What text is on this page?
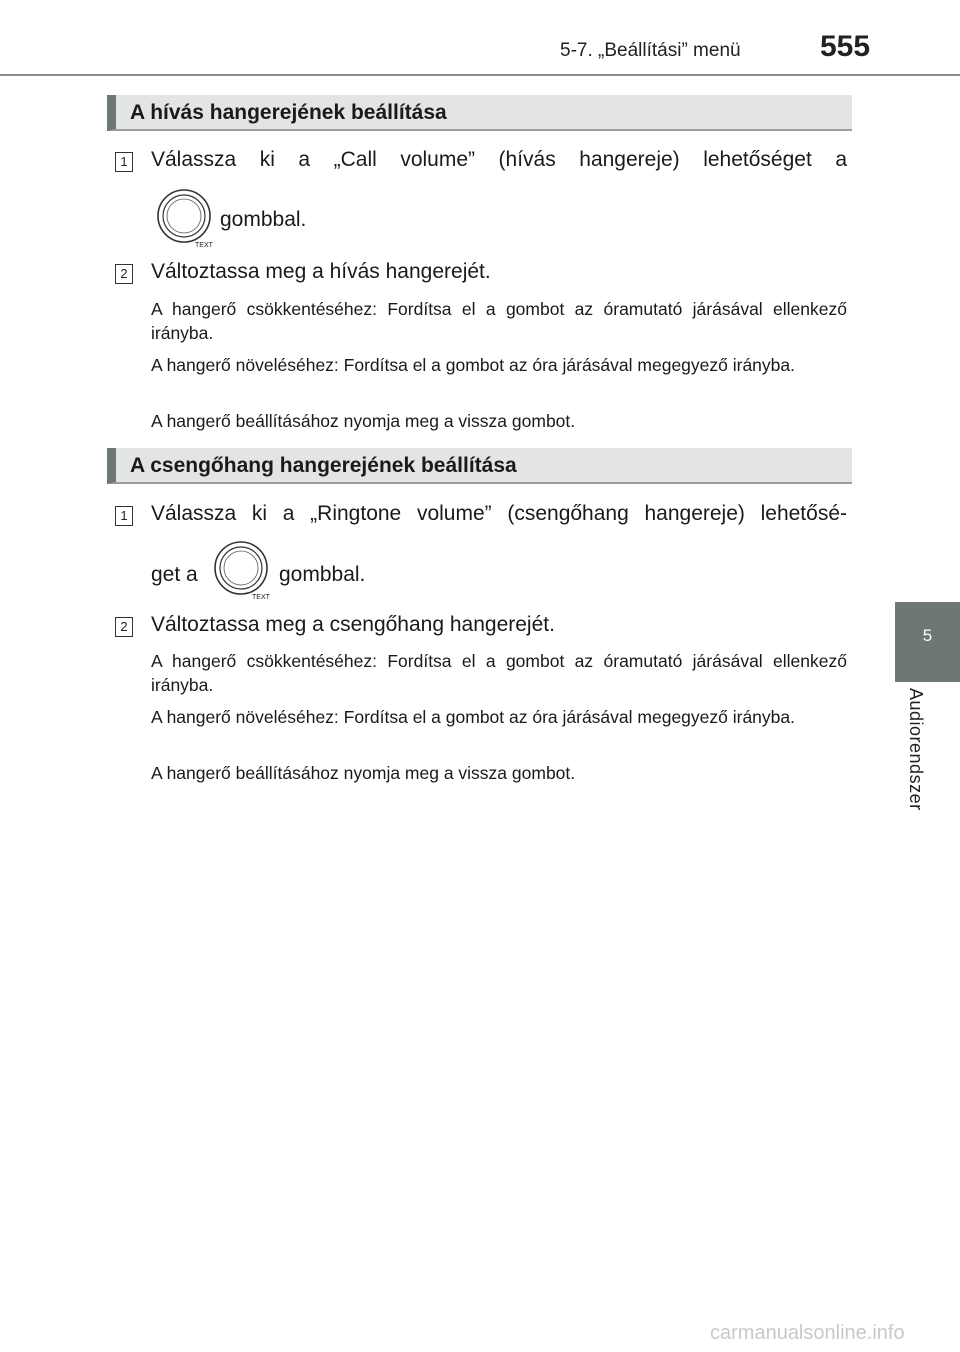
5-7. „Beállítási” menü	555
5
Audiorendszer
A hívás hangerejének beállítása
1 Válassza ki a „Call volume” (hívás hangereje) lehetőséget a
TEXT
gombbal.
2 Változtassa meg a hívás hangerejét.
A hangerő csökkentéséhez: Fordítsa el a gombot az óramutató járásával ellenkező irányba.
A hangerő növeléséhez: Fordítsa el a gombot az óra járásával megegyező irányba.
A hangerő beállításához nyomja meg a vissza gombot.
A csengőhang hangerejének beállítása
1 Válassza ki a „Ringtone volume” (csengőhang hangereje) lehetősé-
get a
TEXT
gombbal.
2 Változtassa meg a csengőhang hangerejét.
A hangerő csökkentéséhez: Fordítsa el a gombot az óramutató járásával ellenkező irányba.
A hangerő növeléséhez: Fordítsa el a gombot az óra járásával megegyező irányba.
A hangerő beállításához nyomja meg a vissza gombot.
carmanualsonline.info
